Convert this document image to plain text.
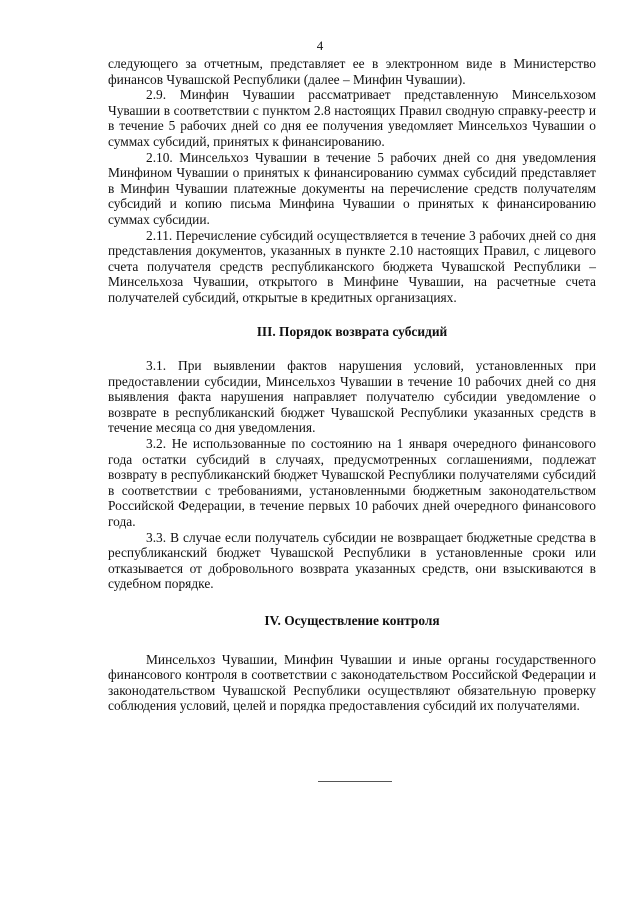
4

следующего за отчетным, представляет ее в электронном виде в Министерство финансов Чувашской Республики (далее – Минфин Чувашии).

2.9. Минфин Чувашии рассматривает представленную Минсельхозом Чувашии в соответствии с пунктом 2.8 настоящих Правил сводную справку-реестр и в течение 5 рабочих дней со дня ее получения уведомляет Минсельхоз Чувашии о суммах субсидий, принятых к финансированию.

2.10. Минсельхоз Чувашии в течение 5 рабочих дней со дня уведомления Минфином Чувашии о принятых к финансированию суммах субсидий представляет в Минфин Чувашии платежные документы на перечисление средств получателям субсидий и копию письма Минфина Чувашии о принятых к финансированию суммах субсидии.

2.11. Перечисление субсидий осуществляется в течение 3 рабочих дней со дня представления документов, указанных в пункте 2.10 настоящих Правил, с лицевого счета получателя средств республиканского бюджета Чувашской Республики – Минсельхоза Чувашии, открытого в Минфине Чувашии, на расчетные счета получателей субсидий, открытые в кредитных организациях.

III. Порядок возврата субсидий

3.1. При выявлении фактов нарушения условий, установленных при предоставлении субсидии, Минсельхоз Чувашии в течение 10 рабочих дней со дня выявления факта нарушения направляет получателю субсидии уведомление о возврате в республиканский бюджет Чувашской Республики указанных средств в течение месяца со дня уведомления.

3.2. Не использованные по состоянию на 1 января очередного финансового года остатки субсидий в случаях, предусмотренных соглашениями, подлежат возврату в республиканский бюджет Чувашской Республики получателями субсидий в соответствии с требованиями, установленными бюджетным законодательством Российской Федерации, в течение первых 10 рабочих дней очередного финансового года.

3.3. В случае если получатель субсидии не возвращает бюджетные средства в республиканский бюджет Чувашской Республики в установленные сроки или отказывается от добровольного возврата указанных средств, они взыскиваются в судебном порядке.

IV. Осуществление контроля

Минсельхоз Чувашии, Минфин Чувашии и иные органы государственного финансового контроля в соответствии с законодательством Российской Федерации и законодательством Чувашской Республики осуществляют обязательную проверку соблюдения условий, целей и порядка предоставления субсидий их получателями.
